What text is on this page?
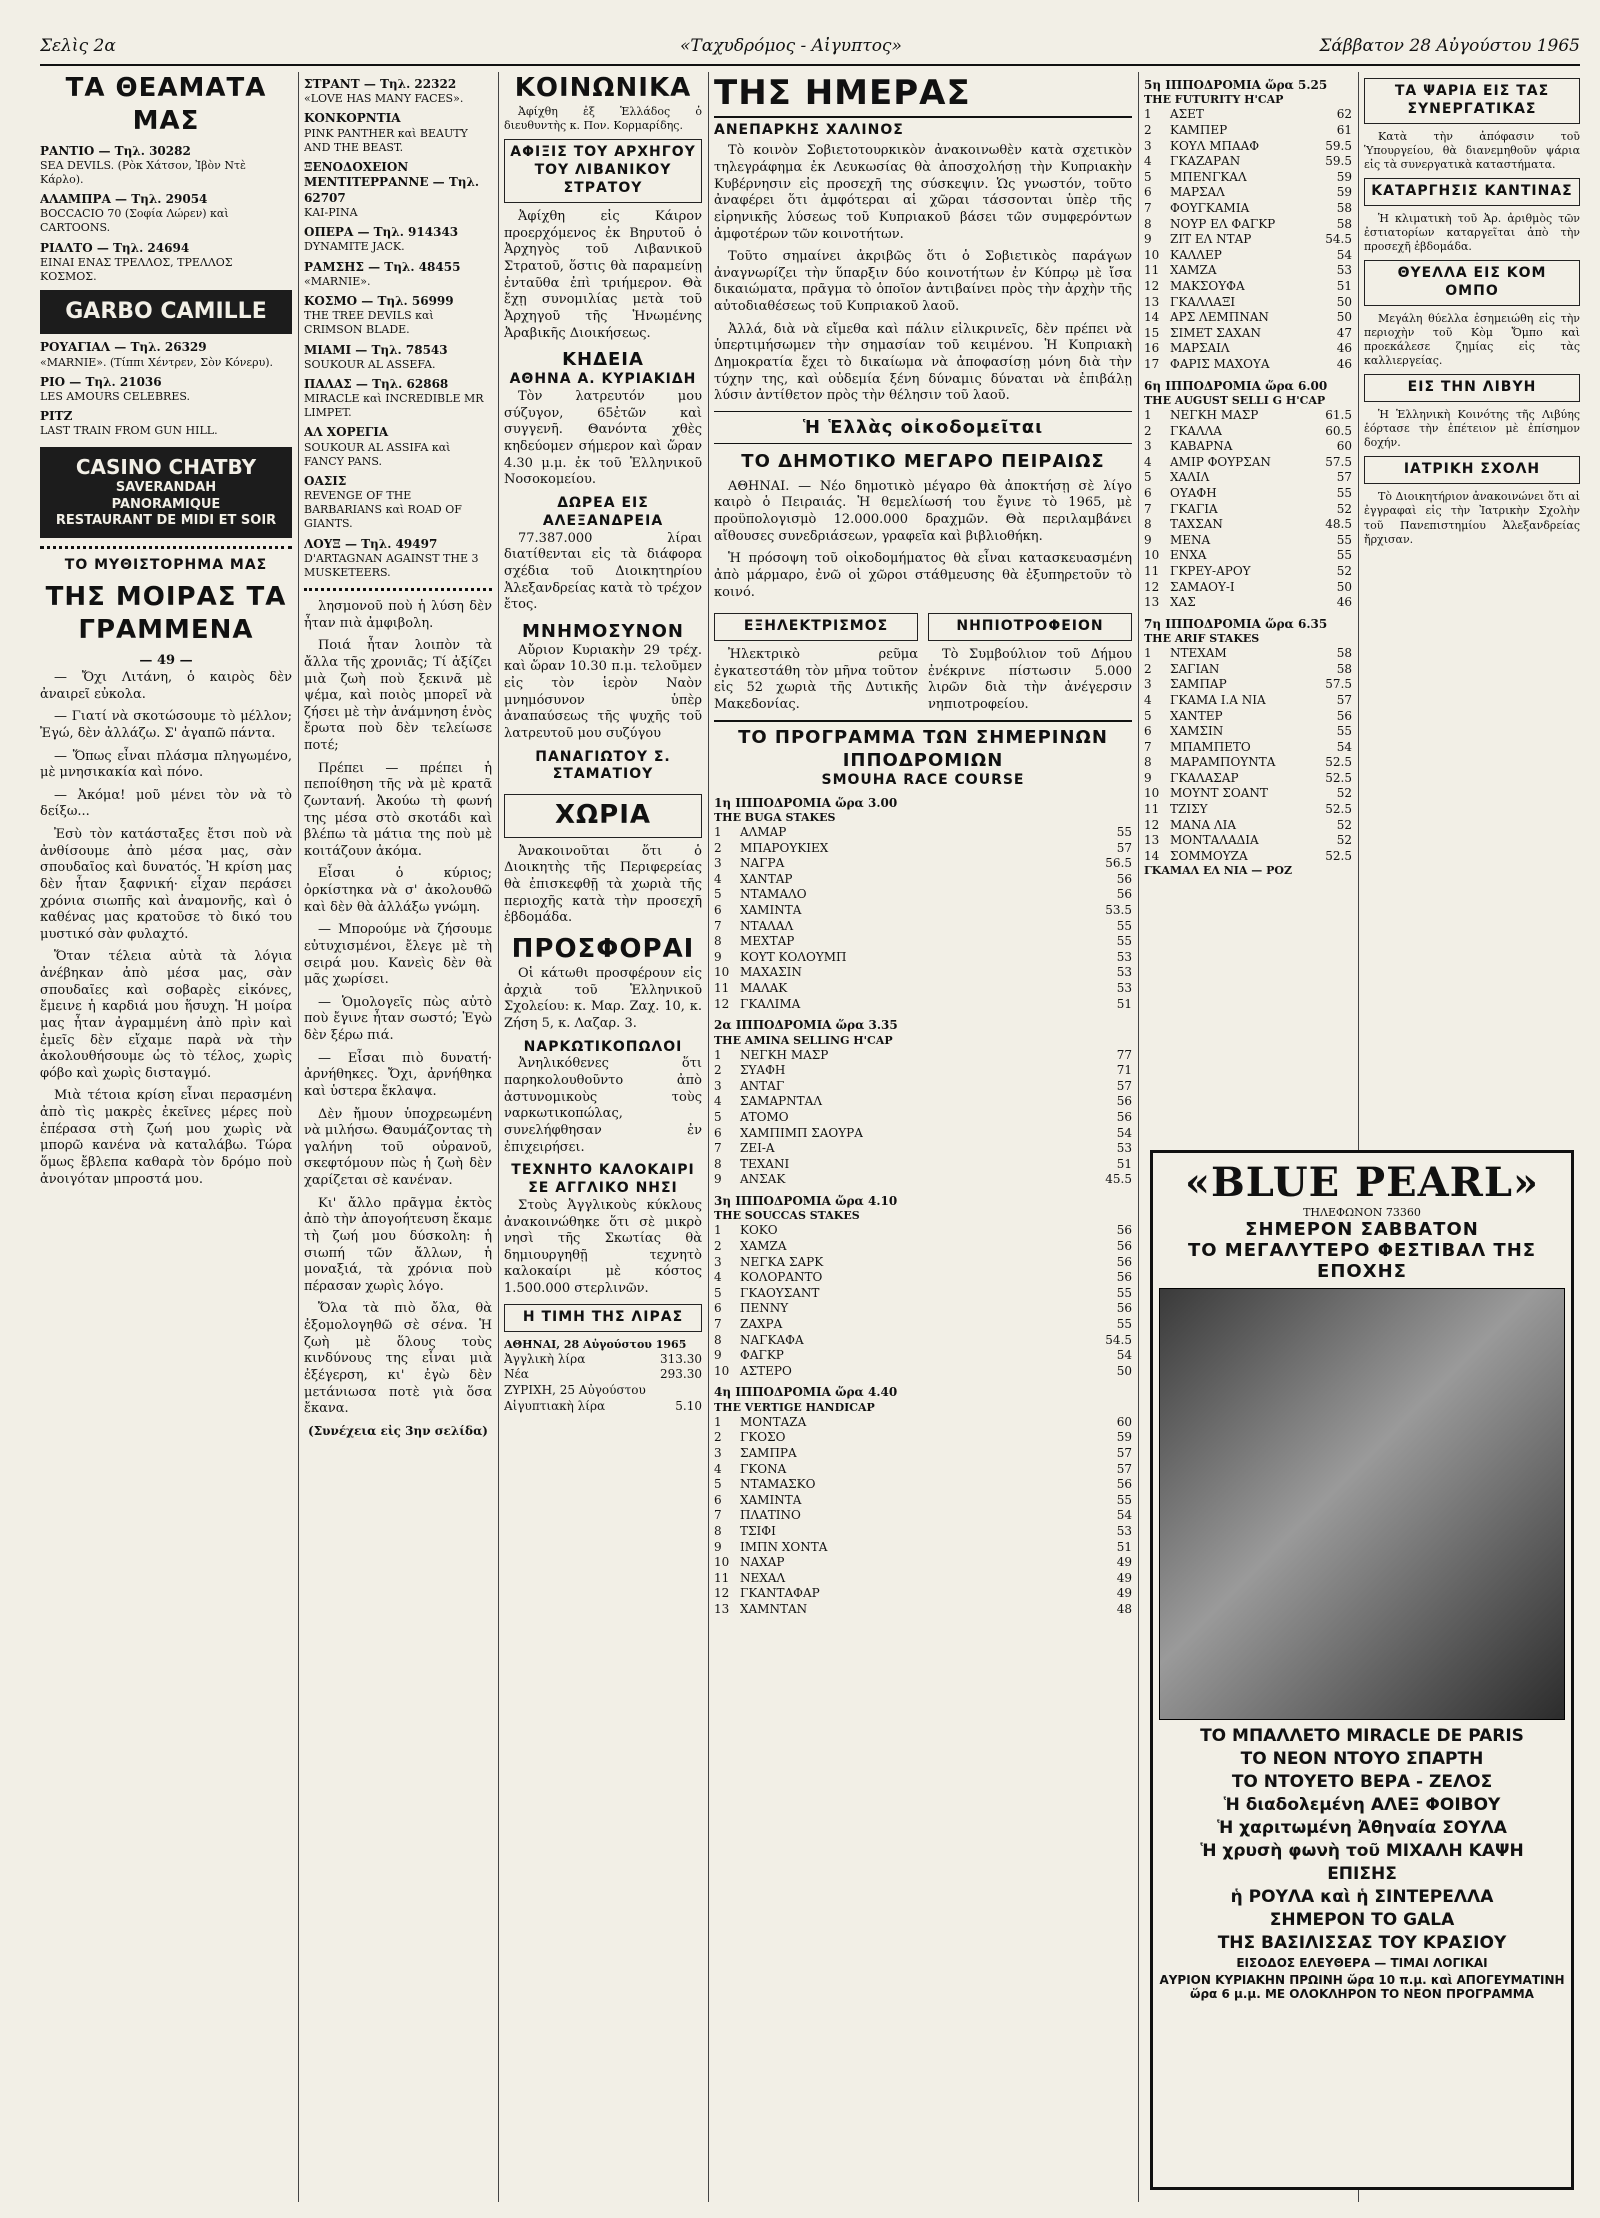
Σελὶς 2α	«Ταχυδρόμος - Αἰγυπτος»	Σάββατον 28 Αὐγούστου 1965
ΤΑ ΘΕΑΜΑΤΑ ΜΑΣ
ΡΑΝΤΙΟ — Τηλ. 30282
SEA DEVILS. (Ρὸκ Χάτσον, Ἰβὸν Ντὲ Κάρλο).
ΑΛΑΜΠΡΑ — Τηλ. 29054
BOCCACIO 70 (Σοφία Λώρεν) καὶ CARTOONS.
ΡΙΑΛΤΟ — Τηλ. 24694
ΕΙΝΑΙ ΕΝΑΣ ΤΡΕΛΛΟΣ, ΤΡΕΛΛΟΣ ΚΟΣΜΟΣ.
GARBO CAMILLE
ΡΟΥΑΓΙΑΛ — Τηλ. 26329
«MARNIE». (Τίππι Χέντρεν, Σὸν Κόνερυ).
ΡΙΟ — Τηλ. 21036
LES AMOURS CELEBRES.
ΡΙΤΖ
LAST TRAIN FROM GUN HILL.
CASINO CHATBY
SAVERANDAH
PANORAMIQUE
RESTAURANT DE MIDI ET SOIR
ΤΟ ΜΥΘΙΣΤΟΡΗΜΑ ΜΑΣ
ΤΗΣ ΜΟΙΡΑΣ ΤΑ ΓΡΑΜΜΕΝΑ
— 49 —

— Ὄχι Λιτάνη, ὁ καιρὸς δὲν ἀναιρεῖ εὐκολα.

— Γιατί νὰ σκοτώσουμε τὸ μέλλον; Ἐγώ, δὲν ἀλλάζω. Σ' ἀγαπῶ πάντα.

— Ὅπως εἶναι πλάσμα πληγωμένο, μὲ μνησικακία καὶ πόνο.

— Ἀκόμα! μοῦ μένει τὸν νὰ τὸ δείξω...

Ἐσὺ τὸν κατάσταξες ἔτσι ποὺ νὰ ἀνθίσουμε ἀπὸ μέσα μας, σὰν σπουδαῖος καὶ δυνατός. Ἡ κρίση μας δὲν ἦταν ξαφνική· εἶχαν περάσει χρόνια σιωπῆς καὶ ἀναμονῆς, καὶ ὁ καθένας μας κρατοῦσε τὸ δικό του μυστικό σὰν φυλαχτό.

Ὅταν τέλεια αὐτὰ τὰ λόγια ἀνέβηκαν ἀπὸ μέσα μας, σὰν σπουδαῖες καὶ σοβαρὲς εἰκόνες, ἔμεινε ἡ καρδιά μου ἥσυχη. Ἡ μοίρα μας ἦταν ἀγραμμένη ἀπὸ πρὶν καὶ ἐμεῖς δὲν εἴχαμε παρὰ νὰ τὴν ἀκολουθήσουμε ὡς τὸ τέλος, χωρὶς φόβο καὶ χωρὶς δισταγμό.

Μιὰ τέτοια κρίση εἶναι περασμένη ἀπὸ τὶς μακρὲς ἐκεῖνες μέρες ποὺ ἐπέρασα στὴ ζωή μου χωρὶς νὰ μπορῶ κανένα νὰ καταλάβω. Τώρα ὅμως ἔβλεπα καθαρὰ τὸν δρόμο ποὺ ἀνοιγόταν μπροστά μου.

ΣΤΡΑΝΤ — Τηλ. 22322
«LOVE HAS MANY FACES».
ΚΟΝΚΟΡΝΤΙΑ
PINK PANTHER καὶ BEAUTY AND THE BEAST.
ΞΕΝΟΔΟΧΕΙΟΝ ΜΕΝΤΙΤΕΡΡΑΝΝΕ — Τηλ. 62707
ΚΑΙ-ΡΙΝΑ
ΟΠΕΡΑ — Τηλ. 914343
DYNAMITE JACK.
ΡΑΜΣΗΣ — Τηλ. 48455
«MARNIE».
ΚΟΣΜΟ — Τηλ. 56999
THE TREE DEVILS καὶ CRIMSON BLADE.
ΜΙΑΜΙ — Τηλ. 78543
SOUKOUR AL ASSEFA.
ΠΑΛΑΣ — Τηλ. 62868
MIRACLE καὶ INCREDIBLE MR LIMPET.
ΑΛ ΧΟΡΕΓΙΑ
SOUKOUR AL ASSIFA καὶ FANCY PANS.
ΟΑΣΙΣ
REVENGE OF THE BARBARIANS καὶ ROAD OF GIANTS.
ΛΟΥΞ — Τηλ. 49497
D'ARTAGNAN AGAINST THE 3 MUSKETEERS.

λησμονοῦ ποὺ ἡ λύση δὲν ἦταν πιὰ ἀμφιβολη.

Ποιά ἦταν λοιπὸν τὰ ἄλλα τῆς χρονιᾶς; Τί ἀξίζει μιὰ ζωὴ ποὺ ξεκινᾶ μὲ ψέμα, καὶ ποιὸς μπορεῖ νὰ ζήσει μὲ τὴν ἀνάμνηση ἑνὸς ἔρωτα ποὺ δὲν τελείωσε ποτέ;

Πρέπει — πρέπει ἡ πεποίθηση τῆς νὰ μὲ κρατᾶ ζωντανή. Ἀκούω τὴ φωνή της μέσα στὸ σκοτάδι καὶ βλέπω τὰ μάτια της ποὺ μὲ κοιτάζουν ἀκόμα.

Εἶσαι ὁ κύριος; ὀρκίστηκα νὰ σ' ἀκολουθῶ καὶ δὲν θὰ ἀλλάξω γνώμη.

— Μπορούμε νὰ ζήσουμε εὐτυχισμένοι, ἔλεγε μὲ τὴ σειρά μου. Κανεὶς δὲν θὰ μᾶς χωρίσει.

— Ὁμολογεῖς πὼς αὐτὸ ποὺ ἔγινε ἦταν σωστό; Ἐγὼ δὲν ξέρω πιά.

— Εἶσαι πιὸ δυνατή· ἀρνήθηκες. Ὄχι, ἀρνήθηκα καὶ ὑστερα ἔκλαψα.

Δὲν ἤμουν ὑποχρεωμένη νὰ μιλήσω. Θαυμάζοντας τὴ γαλήνη τοῦ οὐρανοῦ, σκεφτόμουν πὼς ἡ ζωὴ δὲν χαρίζεται σὲ κανέναν.

Κι' ἄλλο πρᾶγμα ἐκτὸς ἀπὸ τὴν ἀπογοήτευση ἔκαμε τὴ ζωή μου δύσκολη: ἡ σιωπή τῶν ἄλλων, ἡ μοναξιά, τὰ χρόνια ποὺ πέρασαν χωρὶς λόγο.

Ὅλα τὰ πιὸ ὄλα, θὰ ἐξομολογηθῶ σὲ σένα. Ἡ ζωὴ μὲ ὅλους τοὺς κινδύνους της εἶναι μιὰ ἐξέγερση, κι' ἐγὼ δὲν μετάνιωσα ποτὲ γιὰ ὅσα ἔκανα.

(Συνέχεια εἰς 3ην σελίδα)
ΚΟΙΝΩΝΙΚΑ

Ἀφίχθη ἐξ Ἑλλάδος ὁ διευθυντὴς κ. Πον. Κορμαρίδης.

ΑΦΙΞΙΣ ΤΟΥ ΑΡΧΗΓΟΥ ΤΟΥ ΛΙΒΑΝΙΚΟΥ ΣΤΡΑΤΟΥ

Ἀφίχθη εἰς Κάιρον προερχόμενος ἐκ Βηρυτοῦ ὁ Ἀρχηγὸς τοῦ Λιβανικοῦ Στρατοῦ, ὅστις θὰ παραμείνῃ ἐνταῦθα ἐπὶ τριήμερον. Θὰ ἔχῃ συνομιλίας μετὰ τοῦ Ἀρχηγοῦ τῆς Ἡνωμένης Ἀραβικῆς Διοικήσεως.

ΚΗΔΕΙΑ
ΑΘΗΝΑ Α. ΚΥΡΙΑΚΙΔΗ

Τὸν λατρευτόν μου σύζυγον, 65ἐτῶν καὶ συγγενῆ. Θανόντα χθὲς κηδεύομεν σήμερον καὶ ὥραν 4.30 μ.μ. ἐκ τοῦ Ἑλληνικοῦ Νοσοκομείου.

ΔΩΡΕΑ ΕΙΣ ΑΛΕΞΑΝΔΡΕΙΑ

77.387.000 λίραι διατίθενται εἰς τὰ διάφορα σχέδια τοῦ Διοικητηρίου Ἀλεξανδρείας κατὰ τὸ τρέχον ἔτος.

ΜΝΗΜΟΣΥΝΟΝ

Αὔριον Κυριακὴν 29 τρέχ. καὶ ὥραν 10.30 π.μ. τελοῦμεν εἰς τὸν ἱερὸν Ναὸν μνημόσυνον ὑπὲρ ἀναπαύσεως τῆς ψυχῆς τοῦ λατρευτοῦ μου συζύγου

ΠΑΝΑΓΙΩΤΟΥ Σ. ΣΤΑΜΑΤΙΟΥ
ΧΩΡΙΑ

Ἀνακοινοῦται ὅτι ὁ Διοικητὴς τῆς Περιφερείας θὰ ἐπισκεφθῇ τὰ χωριὰ τῆς περιοχῆς κατὰ τὴν προσεχῆ ἑβδομάδα.

ΠΡΟΣΦΟΡΑΙ

Οἱ κάτωθι προσφέρουν εἰς ἀρχιὰ τοῦ Ἑλληνικοῦ Σχολείου: κ. Μαρ. Ζαχ. 10, κ. Ζήση 5, κ. Λαζαρ. 3.

ΝΑΡΚΩΤΙΚΟΠΩΛΟΙ

Ἀνηλικόθενες ὅτι παρηκολουθοῦντο ἀπὸ ἀστυνομικοὺς τοὺς ναρκωτικοπώλας, συνελήφθησαν ἐν ἐπιχειρήσει.

ΤΕΧΝΗΤΟ ΚΑΛΟΚΑΙΡΙ ΣΕ ΑΓΓΛΙΚΟ ΝΗΣΙ

Στοὺς Ἀγγλικοὺς κύκλους ἀνακοινώθηκε ὅτι σὲ μικρὸ νησὶ τῆς Σκωτίας θὰ δημιουργηθῇ τεχνητὸ καλοκαίρι μὲ κόστος 1.500.000 στερλινῶν.

Η ΤΙΜΗ ΤΗΣ ΛΙΡΑΣ
ΑΘΗΝΑΙ, 28 Αὐγούστου 1965
Ἀγγλικὴ λίρα	313.30
Νέα	293.30
ΖΥΡΙΧΗ, 25 Αὐγούστου
Αἰγυπτιακὴ λίρα	5.10
ΤΗΣ ΗΜΕΡΑΣ
ΑΝΕΠΑΡΚΗΣ ΧΑΛΙΝΟΣ

Τὸ κοινὸν Σοβιετοτουρκικὸν ἀνακοινωθὲν κατὰ σχετικὸν τηλεγράφημα ἐκ Λευκωσίας θὰ ἀποσχολήσῃ τὴν Κυπριακὴν Κυβέρνησιν εἰς προσεχῆ της σύσκεψιν. Ὡς γνωστόν, τοῦτο ἀναφέρει ὅτι ἀμφότεραι αἱ χῶραι τάσσονται ὑπὲρ τῆς εἰρηνικῆς λύσεως τοῦ Κυπριακοῦ βάσει τῶν συμφερόντων ἀμφοτέρων τῶν κοινοτήτων.

Τοῦτο σημαίνει ἀκριβῶς ὅτι ὁ Σοβιετικὸς παράγων ἀναγνωρίζει τὴν ὕπαρξιν δύο κοινοτήτων ἐν Κύπρῳ μὲ ἴσα δικαιώματα, πρᾶγμα τὸ ὁποῖον ἀντιβαίνει πρὸς τὴν ἀρχὴν τῆς αὐτοδιαθέσεως τοῦ Κυπριακοῦ λαοῦ.

Ἀλλά, διὰ νὰ εἴμεθα καὶ πάλιν εἰλικρινεῖς, δὲν πρέπει νὰ ὑπερτιμήσωμεν τὴν σημασίαν τοῦ κειμένου. Ἡ Κυπριακὴ Δημοκρατία ἔχει τὸ δικαίωμα νὰ ἀποφασίσῃ μόνη διὰ τὴν τύχην της, καὶ οὐδεμία ξένη δύναμις δύναται νὰ ἐπιβάλῃ λύσιν ἀντίθετον πρὸς τὴν θέλησιν τοῦ λαοῦ.

Ἡ Ἑλλὰς οἰκοδομεῖται
ΤΟ ΔΗΜΟΤΙΚΟ ΜΕΓΑΡΟ ΠΕΙΡΑΙΩΣ

ΑΘΗΝΑΙ. — Νέο δημοτικὸ μέγαρο θὰ ἀποκτήσῃ σὲ λίγο καιρὸ ὁ Πειραιάς. Ἡ θεμελίωσή του ἔγινε τὸ 1965, μὲ προϋπολογισμὸ 12.000.000 δραχμῶν. Θὰ περιλαμβάνει αἴθουσες συνεδριάσεων, γραφεῖα καὶ βιβλιοθήκη.

Ἡ πρόσοψη τοῦ οἰκοδομήματος θὰ εἶναι κατασκευασμένη ἀπὸ μάρμαρο, ἐνῶ οἱ χῶροι στάθμευσης θὰ ἐξυπηρετοῦν τὸ κοινό.

ΕΞΗΛΕΚΤΡΙΣΜΟΣ

Ἠλεκτρικὸ ρεῦμα ἐγκατεστάθη τὸν μῆνα τοῦτον εἰς 52 χωριὰ τῆς Δυτικῆς Μακεδονίας.

ΝΗΠΙΟΤΡΟΦΕΙΟΝ

Τὸ Συμβούλιον τοῦ Δήμου ἐνέκρινε πίστωσιν 5.000 λιρῶν διὰ τὴν ἀνέγερσιν νηπιοτροφείου.

ΤΟ ΠΡΟΓΡΑΜΜΑ ΤΩΝ ΣΗΜΕΡΙΝΩΝ ΙΠΠΟΔΡΟΜΙΩΝ
SMOUHA RACE COURSE
1η ΙΠΠΟΔΡΟΜΙΑ ὥρα 3.00
THE BUGA STAKES
1 ΑΛΜΑΡ	55
2 ΜΠΑΡΟΥΚΙΕΧ	57
3 ΝΑΓΡΑ	56.5
4 ΧΑΝΤΑΡ	56
5 ΝΤΑΜΑΛΟ	56
6 ΧΑΜΙΝΤΑ	53.5
7 ΝΤΑΛΑΛ	55
8 ΜΕΧΤΑΡ	55
9 ΚΟΥΤ ΚΟΛΟΥΜΠ	53
10 ΜΑΧΑΣΙΝ	53
11 ΜΑΛΑΚ	53
12 ΓΚΑΛΙΜΑ	51
2α ΙΠΠΟΔΡΟΜΙΑ ὥρα 3.35
THE AMINA SELLING H'CAP
1 ΝΕΓΚΗ ΜΑΣΡ	77
2 ΣΥΑΦΗ	71
3 ΑΝΤΑΓ	57
4 ΣΑΜΑΡΝΤΑΛ	56
5 ΑΤΟΜΟ	56
6 ΧΑΜΠΙΜΠ ΣΑΟΥΡΑ	54
7 ΖΕΙ-Α	53
8 ΤΕΧΑΝΙ	51
9 ΑΝΣΑΚ	45.5
3η ΙΠΠΟΔΡΟΜΙΑ ὥρα 4.10
THE SOUCCAS STAKES
1 ΚΟΚΟ	56
2 ΧΑΜΖΑ	56
3 ΝΕΓΚΑ ΣΑΡΚ	56
4 ΚΟΛΟΡΑΝΤΟ	56
5 ΓΚΑΟΥΣΑΝΤ	55
6 ΠΕΝΝΥ	56
7 ΖΑΧΡΑ	55
8 ΝΑΓΚΑΦΑ	54.5
9 ΦΑΓΚΡ	54
10 ΑΣΤΕΡΟ	50
4η ΙΠΠΟΔΡΟΜΙΑ ὥρα 4.40
THE VERTIGE HANDICAP
1 ΜΟΝΤΑΖΑ	60
2 ΓΚΟΣΟ	59
3 ΣΑΜΠΡΑ	57
4 ΓΚΟΝΑ	57
5 ΝΤΑΜΑΣΚΟ	56
6 ΧΑΜΙΝΤΑ	55
7 ΠΛΑΤΙΝΟ	54
8 ΤΣΙΦΙ	53
9 ΙΜΠΝ ΧΟΝΤΑ	51
10 ΝΑΧΑΡ	49
11 ΝΕΧΑΛ	49
12 ΓΚΑΝΤΑΦΑΡ	49
13 ΧΑΜΝΤΑΝ	48
5η ΙΠΠΟΔΡΟΜΙΑ ὥρα 5.25
THE FUTURITY H'CAP
1 ΑΣΕΤ	62
2 ΚΑΜΠΕΡ	61
3 ΚΟΥΛ ΜΠΑΑΦ	59.5
4 ΓΚΑΖΑΡΑΝ	59.5
5 ΜΠΕΝΓΚΑΛ	59
6 ΜΑΡΣΑΛ	59
7 ΦΟΥΓΚΑΜΙΑ	58
8 ΝΟΥΡ ΕΛ ΦΑΓΚΡ	58
9 ΖΙΤ ΕΛ ΝΤΑΡ	54.5
10 ΚΑΛΛΕΡ	54
11 ΧΑΜΖΑ	53
12 ΜΑΚΣΟΥΦΑ	51
13 ΓΚΑΛΛΑΞΙ	50
14 ΑΡΣ ΛΕΜΠΝΑΝ	50
15 ΣΙΜΕΤ ΣΑΧΑΝ	47
16 ΜΑΡΣΑΙΛ	46
17 ΦΑΡΙΣ ΜΑΧΟΥΑ	46
6η ΙΠΠΟΔΡΟΜΙΑ ὥρα 6.00
THE AUGUST SELLI G H'CAP
1 ΝΕΓΚΗ ΜΑΣΡ	61.5
2 ΓΚΑΛΛΑ	60.5
3 ΚΑΒΑΡΝΑ	60
4 ΑΜΙΡ ΦΟΥΡΣΑΝ	57.5
5 ΧΑΛΙΛ	57
6 ΟΥΑΦΗ	55
7 ΓΚΑΓΙΑ	52
8 ΤΑΧΣΑΝ	48.5
9 ΜΕΝΑ	55
10 ΕΝΧΑ	55
11 ΓΚΡΕΥ-ΑΡΟΥ	52
12 ΣΑΜΑΟΥ-Ι	50
13 ΧΑΣ	46
7η ΙΠΠΟΔΡΟΜΙΑ ὥρα 6.35
THE ARIF STAKES
1 ΝΤΕΧΑΜ	58
2 ΣΑΓΙΑΝ	58
3 ΣΑΜΠΑΡ	57.5
4 ΓΚΑΜΑ Ι.Α ΝΙΑ	57
5 ΧΑΝΤΕΡ	56
6 ΧΑΜΣΙΝ	55
7 ΜΠΑΜΠΕΤΟ	54
8 ΜΑΡΑΜΠΟΥΝΤΑ	52.5
9 ΓΚΑΛΑΣΑΡ	52.5
10 ΜΟΥΝΤ ΣΟΑΝΤ	52
11 ΤΖΙΣΥ	52.5
12 ΜΑΝΑ ΛΙΑ	52
13 ΜΟΝΤΑΛΑΔΙΑ	52
14 ΣΟΜΜΟΥΖΑ	52.5
ΓΚΑΜΑΛ ΕΛ ΝΙΑ — ΡΟΖ
ΤΑ ΨΑΡΙΑ ΕΙΣ ΤΑΣ ΣΥΝΕΡΓΑΤΙΚΑΣ

Κατὰ τὴν ἀπόφασιν τοῦ Ὑπουργείου, θὰ διανεμηθοῦν ψάρια εἰς τὰ συνεργατικὰ καταστήματα.

ΚΑΤΑΡΓΗΣΙΣ ΚΑΝΤΙΝΑΣ

Ἡ κλιματικὴ τοῦ Ἀρ. ἀριθμὸς τῶν ἐστιατορίων καταργεῖται ἀπὸ τὴν προσεχῆ ἑβδομάδα.

ΘΥΕΛΛΑ ΕΙΣ ΚΟΜ ΟΜΠΟ

Μεγάλη θύελλα ἐσημειώθη εἰς τὴν περιοχὴν τοῦ Κὸμ Ὄμπο καὶ προεκάλεσε ζημίας εἰς τὰς καλλιεργείας.

ΕΙΣ ΤΗΝ ΛΙΒΥΗ

Ἡ Ἑλληνικὴ Κοινότης τῆς Λιβύης ἑόρτασε τὴν ἐπέτειον μὲ ἐπίσημον δοχήν.

ΙΑΤΡΙΚΗ ΣΧΟΛΗ

Τὸ Διοικητήριον ἀνακοινώνει ὅτι αἱ ἐγγραφαὶ εἰς τὴν Ἰατρικὴν Σχολὴν τοῦ Πανεπιστημίου Ἀλεξανδρείας ἤρχισαν.

«BLUE PEARL»
ΤΗΛΕΦΩΝΟΝ 73360
ΣΗΜΕΡΟΝ ΣΑΒΒΑΤΟΝ
ΤΟ ΜΕΓΑΛΥΤΕΡΟ ΦΕΣΤΙΒΑΛ ΤΗΣ ΕΠΟΧΗΣ
ΤΟ ΜΠΑΛΛΕΤΟ MIRACLE DE PARIS
ΤΟ ΝΕΟΝ ΝΤΟΥΟ ΣΠΑΡΤΗ
ΤΟ ΝΤΟΥΕΤΟ ΒΕΡΑ - ΖΕΛΟΣ
Ἡ διαδολεμένη ΑΛΕΞ ΦΟΙΒΟΥ
Ἡ χαριτωμένη Ἀθηναία ΣΟΥΛΑ
Ἡ χρυσὴ φωνὴ τοῦ ΜΙΧΑΛΗ ΚΑΨΗ
ΕΠΙΣΗΣ
ἡ ΡΟΥΛΑ καὶ ἡ ΣΙΝΤΕΡΕΛΛΑ
ΣΗΜΕΡΟΝ ΤΟ GALA
ΤΗΣ ΒΑΣΙΛΙΣΣΑΣ ΤΟΥ ΚΡΑΣΙΟΥ
ΕΙΣΟΔΟΣ ΕΛΕΥΘΕΡΑ — ΤΙΜΑΙ ΛΟΓΙΚΑΙ
ΑΥΡΙΟΝ ΚΥΡΙΑΚΗΝ ΠΡΩΙΝΗ ὥρα 10 π.μ. καὶ ΑΠΟΓΕΥΜΑΤΙΝΗ ὥρα 6 μ.μ. ΜΕ ΟΛΟΚΛΗΡΟΝ ΤΟ ΝΕΟΝ ΠΡΟΓΡΑΜΜΑ
